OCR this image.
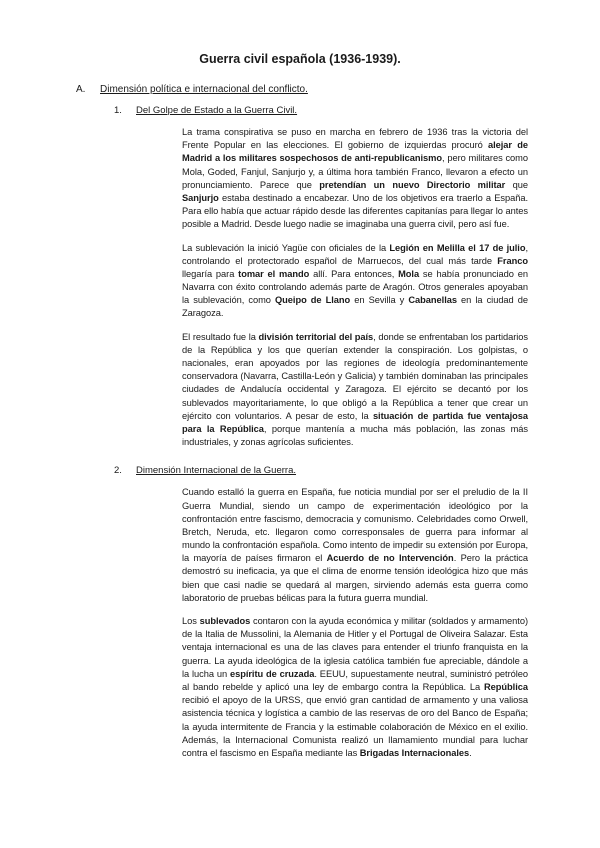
Guerra civil española (1936-1939).
A.	Dimensión política e internacional del conflicto.
1. Del Golpe de Estado a la Guerra Civil.

La trama conspirativa se puso en marcha en febrero de 1936 tras la victoria del Frente Popular en las elecciones. El gobierno de izquierdas procuró alejar de Madrid a los militares sospechosos de anti-republicanismo, pero militares como Mola, Goded, Fanjul, Sanjurjo y, a última hora también Franco, llevaron a efecto un pronunciamiento. Parece que pretendían un nuevo Directorio militar que Sanjurjo estaba destinado a encabezar. Uno de los objetivos era traerlo a España. Para ello había que actuar rápido desde las diferentes capitanías para llegar lo antes posible a Madrid. Desde luego nadie se imaginaba una guerra civil, pero así fue.

La sublevación la inició Yagüe con oficiales de la Legión en Melilla el 17 de julio, controlando el protectorado español de Marruecos, del cual más tarde Franco llegaría para tomar el mando allí. Para entonces, Mola se había pronunciado en Navarra con éxito controlando además parte de Aragón. Otros generales apoyaban la sublevación, como Queipo de Llano en Sevilla y Cabanellas en la ciudad de Zaragoza.

El resultado fue la división territorial del país, donde se enfrentaban los partidarios de la República y los que querían extender la conspiración. Los golpistas, o nacionales, eran apoyados por las regiones de ideología predominantemente conservadora (Navarra, Castilla-León y Galicia) y también dominaban las principales ciudades de Andalucía occidental y Zaragoza. El ejército se decantó por los sublevados mayoritariamente, lo que obligó a la República a tener que crear un ejército con voluntarios. A pesar de esto, la situación de partida fue ventajosa para la República, porque mantenía a mucha más población, las zonas más industriales, y zonas agrícolas suficientes.

2. Dimensión Internacional de la Guerra.

Cuando estalló la guerra en España, fue noticia mundial por ser el preludio de la II Guerra Mundial, siendo un campo de experimentación ideológico por la confrontación entre fascismo, democracia y comunismo. Celebridades como Orwell, Bretch, Neruda, etc. llegaron como corresponsales de guerra para informar al mundo la confrontación española. Como intento de impedir su extensión por Europa, la mayoría de países firmaron el Acuerdo de no Intervención. Pero la práctica demostró su ineficacia, ya que el clima de enorme tensión ideológica hizo que más bien que casi nadie se quedará al margen, sirviendo además esta guerra como laboratorio de pruebas bélicas para la futura guerra mundial.

Los sublevados contaron con la ayuda económica y militar (soldados y armamento) de la Italia de Mussolini, la Alemania de Hitler y el Portugal de Oliveira Salazar. Esta ventaja internacional es una de las claves para entender el triunfo franquista en la guerra. La ayuda ideológica de la iglesia católica también fue apreciable, dándole a la lucha un espíritu de cruzada. EEUU, supuestamente neutral, suministró petróleo al bando rebelde y aplicó una ley de embargo contra la República. La República recibió el apoyo de la URSS, que envió gran cantidad de armamento y una valiosa asistencia técnica y logística a cambio de las reservas de oro del Banco de España; la ayuda intermitente de Francia y la estimable colaboración de México en el exilio. Además, la Internacional Comunista realizó un llamamiento mundial para luchar contra el fascismo en España mediante las Brigadas Internacionales.
